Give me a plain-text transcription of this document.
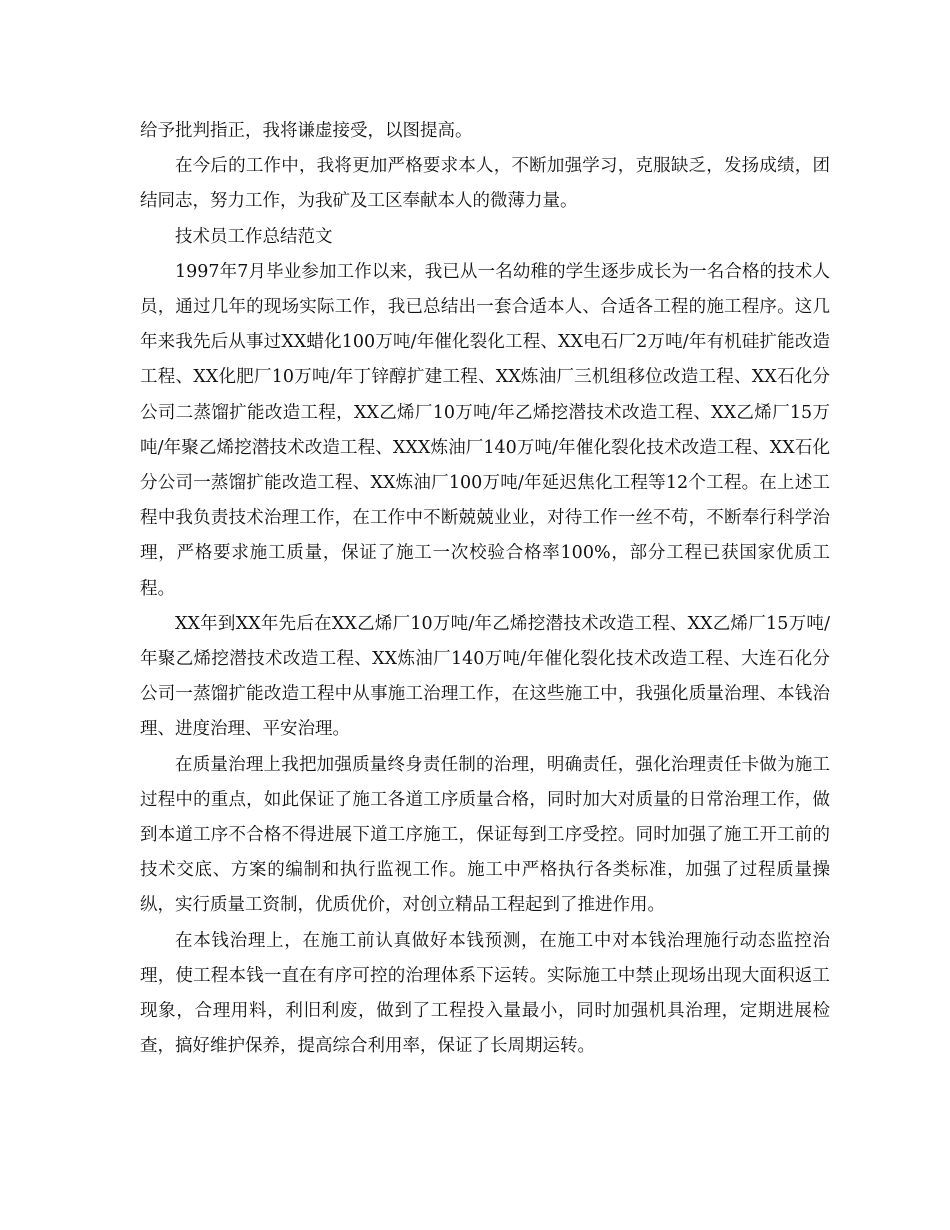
给予批判指正，我将谦虚接受，以图提高。

在今后的工作中，我将更加严格要求本人，不断加强学习，克服缺乏，发扬成绩，团结同志，努力工作，为我矿及工区奉献本人的微薄力量。

技术员工作总结范文

1997年7月毕业参加工作以来，我已从一名幼稚的学生逐步成长为一名合格的技术人员，通过几年的现场实际工作，我已总结出一套合适本人、合适各工程的施工程序。这几年来我先后从事过XX蜡化100万吨/年催化裂化工程、XX电石厂2万吨/年有机硅扩能改造工程、XX化肥厂10万吨/年丁锌醇扩建工程、XX炼油厂三机组移位改造工程、XX石化分公司二蒸馏扩能改造工程，XX乙烯厂10万吨/年乙烯挖潜技术改造工程、XX乙烯厂15万吨/年聚乙烯挖潜技术改造工程、XXX炼油厂140万吨/年催化裂化技术改造工程、XX石化分公司一蒸馏扩能改造工程、XX炼油厂100万吨/年延迟焦化工程等12个工程。在上述工程中我负责技术治理工作，在工作中不断兢兢业业，对待工作一丝不苟，不断奉行科学治理，严格要求施工质量，保证了施工一次校验合格率100%，部分工程已获国家优质工程。

XX年到XX年先后在XX乙烯厂10万吨/年乙烯挖潜技术改造工程、XX乙烯厂15万吨/年聚乙烯挖潜技术改造工程、XX炼油厂140万吨/年催化裂化技术改造工程、大连石化分公司一蒸馏扩能改造工程中从事施工治理工作，在这些施工中，我强化质量治理、本钱治理、进度治理、平安治理。

在质量治理上我把加强质量终身责任制的治理，明确责任，强化治理责任卡做为施工过程中的重点，如此保证了施工各道工序质量合格，同时加大对质量的日常治理工作，做到本道工序不合格不得进展下道工序施工，保证每到工序受控。同时加强了施工开工前的技术交底、方案的编制和执行监视工作。施工中严格执行各类标准，加强了过程质量操纵，实行质量工资制，优质优价，对创立精品工程起到了推进作用。

在本钱治理上，在施工前认真做好本钱预测，在施工中对本钱治理施行动态监控治理，使工程本钱一直在有序可控的治理体系下运转。实际施工中禁止现场出现大面积返工现象，合理用料，利旧利废，做到了工程投入量最小，同时加强机具治理，定期进展检查，搞好维护保养，提高综合利用率，保证了长周期运转。
